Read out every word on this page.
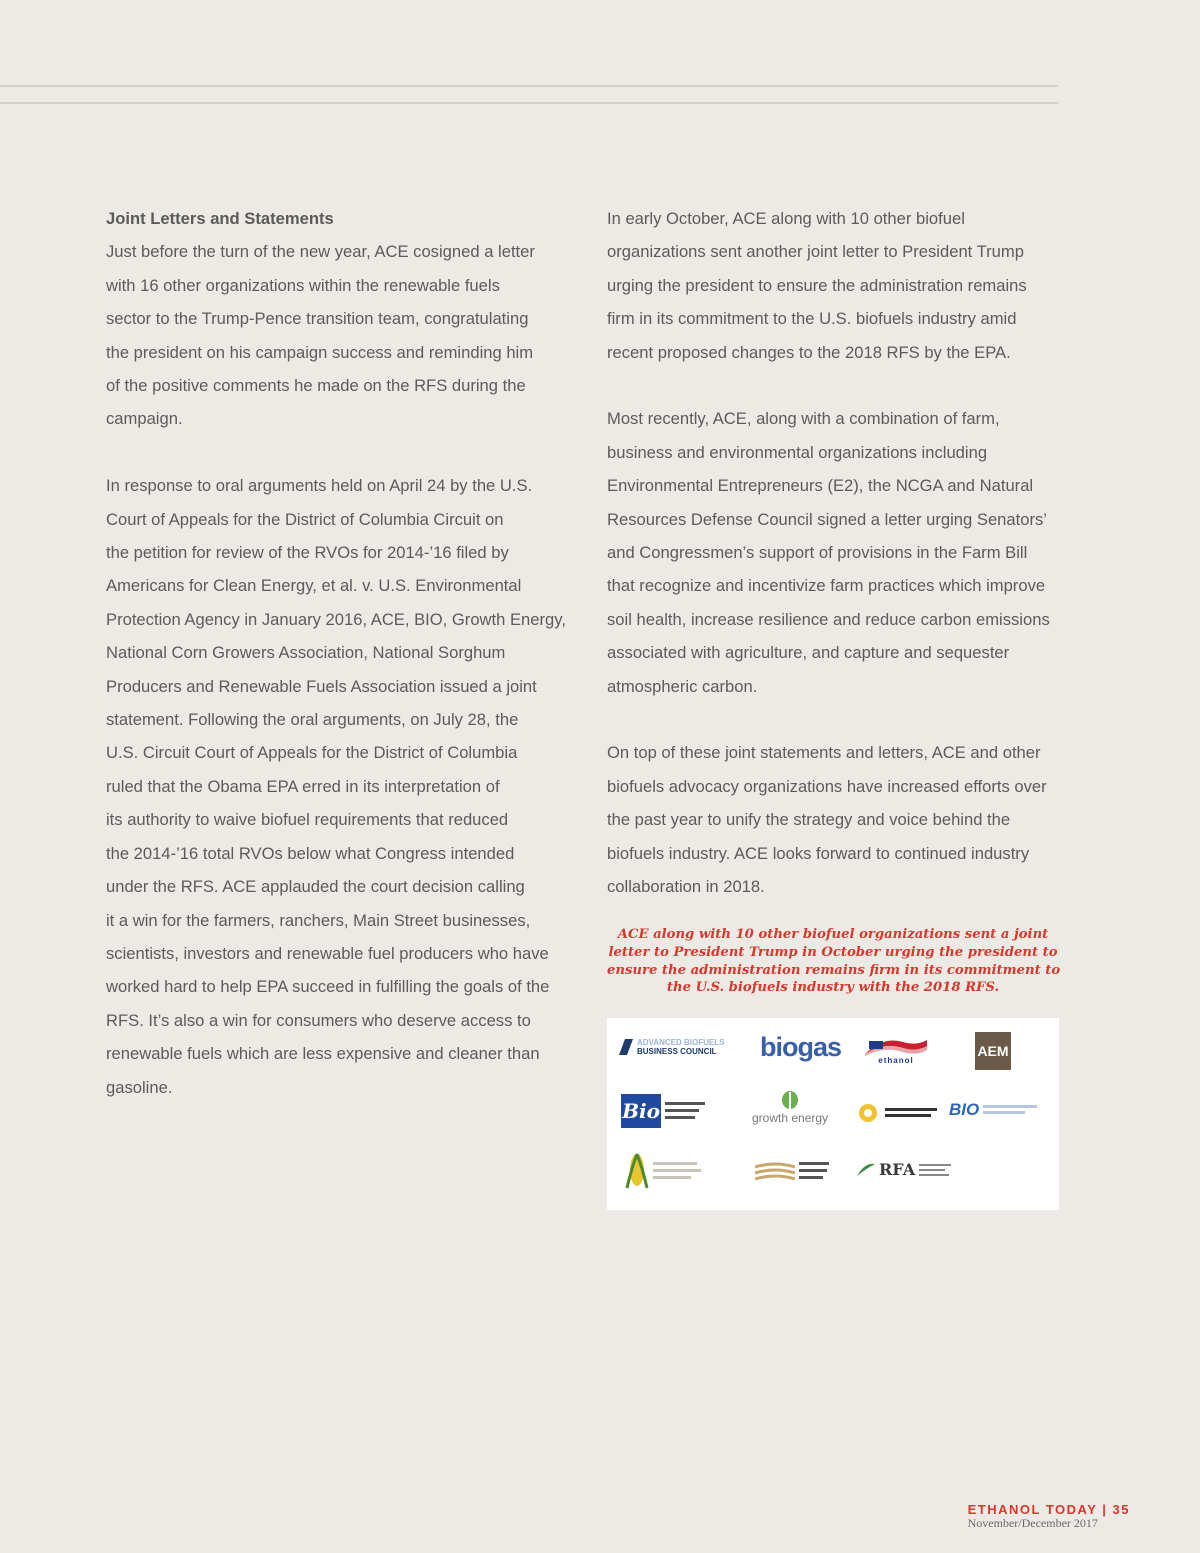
Joint Letters and Statements

Just before the turn of the new year, ACE cosigned a letter
with 16 other organizations within the renewable fuels
sector to the Trump-Pence transition team, congratulating
the president on his campaign success and reminding him
of the positive comments he made on the RFS during the
campaign.

In response to oral arguments held on April 24 by the U.S.
Court of Appeals for the District of Columbia Circuit on
the petition for review of the RVOs for 2014-’16 filed by
Americans for Clean Energy, et al. v. U.S. Environmental
Protection Agency in January 2016, ACE, BIO, Growth Energy,
National Corn Growers Association, National Sorghum
Producers and Renewable Fuels Association issued a joint
statement. Following the oral arguments, on July 28, the
U.S. Circuit Court of Appeals for the District of Columbia
ruled that the Obama EPA erred in its interpretation of
its authority to waive biofuel requirements that reduced
the 2014-’16 total RVOs below what Congress intended
under the RFS. ACE applauded the court decision calling
it a win for the farmers, ranchers, Main Street businesses,
scientists, investors and renewable fuel producers who have
worked hard to help EPA succeed in fulfilling the goals of the
RFS. It’s also a win for consumers who deserve access to
renewable fuels which are less expensive and cleaner than
gasoline.

In early October, ACE along with 10 other biofuel
organizations sent another joint letter to President Trump
urging the president to ensure the administration remains
firm in its commitment to the U.S. biofuels industry amid
recent proposed changes to the 2018 RFS by the EPA.

Most recently, ACE, along with a combination of farm,
business and environmental organizations including
Environmental Entrepreneurs (E2), the NCGA and Natural
Resources Defense Council signed a letter urging Senators’
and Congressmen’s support of provisions in the Farm Bill
that recognize and incentivize farm practices which improve
soil health, increase resilience and reduce carbon emissions
associated with agriculture, and capture and sequester
atmospheric carbon.

On top of these joint statements and letters, ACE and other
biofuels advocacy organizations have increased efforts over
the past year to unify the strategy and voice behind the
biofuels industry. ACE looks forward to continued industry
collaboration in 2018.

ACE along with 10 other biofuel organizations sent a joint
letter to President Trump in October urging the president to
ensure the administration remains firm in its commitment to
the U.S. biofuels industry with the 2018 RFS.
ADVANCED BIOFUELS
BUSINESS COUNCIL biogas	ethanol
AEM
Bio	growth energy	BIO
RFA
ETHANOL TODAY | 35
November/December 2017
